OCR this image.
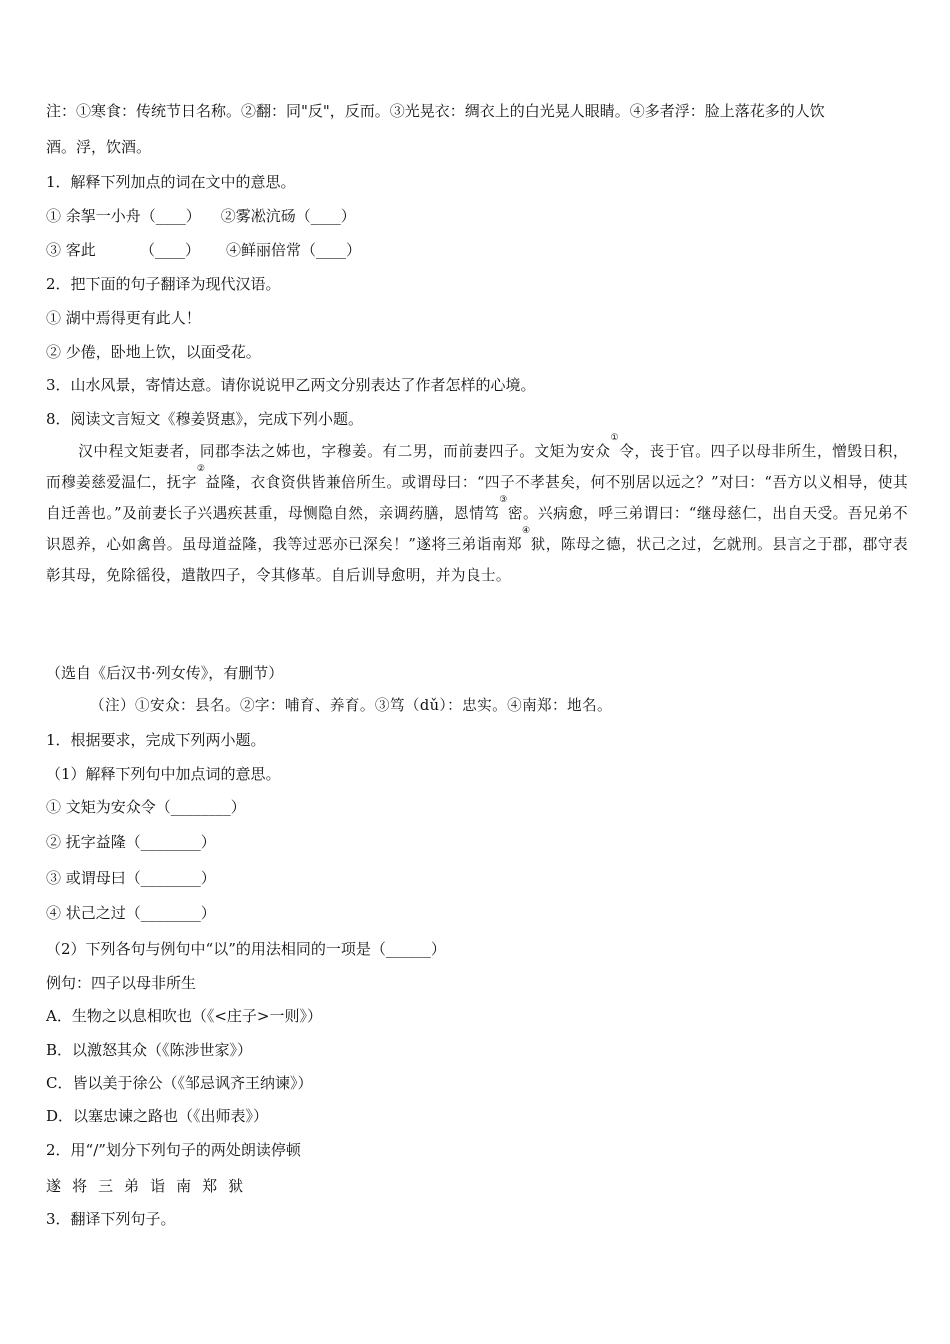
注：①寒食：传统节日名称。②翻：同"反"，反而。③光晃衣：绸衣上的白光晃人眼睛。④多者浮：脸上落花多的人饮
酒。浮，饮酒。
1．解释下列加点的词在文中的意思。
① 余挐一小舟（____） ②雾凇沆砀（____）
③ 客此	（____） ④鲜丽倍常（____）
2．把下面的句子翻译为现代汉语。
① 湖中焉得更有此人！
② 少倦，卧地上饮，以面受花。
3．山水风景，寄情达意。请你说说甲乙两文分别表达了作者怎样的心境。
8．阅读文言短文《穆姜贤惠》，完成下列小题。
汉中程文矩妻者，同郡李法之姊也，字穆姜。有二男，而前妻四子。文矩为安众①令，丧于官。四子以母非所生，憎毁日积，而穆姜慈爱温仁，抚字②益隆，衣食资供皆兼倍所生。或谓母曰：“四子不孝甚矣，何不别居以远之？”对曰：“吾方以义相导，使其自迁善也。”及前妻长子兴遇疾甚重，母恻隐自然，亲调药膳，恩情笃③密。兴病愈，呼三弟谓曰：“继母慈仁，出自天受。吾兄弟不识恩养，心如禽兽。虽母道益隆，我等过恶亦已深矣！”遂将三弟诣南郑④狱，陈母之德，状己之过，乞就刑。县言之于郡，郡守表彰其母，免除徭役，遣散四子，令其修革。自后训导愈明，并为良士。
（选自《后汉书·列女传》，有删节）
（注）①安众：县名。②字：哺育、养育。③笃（dǔ）：忠实。④南郑：地名。
1．根据要求，完成下列两小题。
（1）解释下列句中加点词的意思。
① 文矩为安众令（________）
② 抚字益隆（________）
③ 或谓母曰（________）
④ 状己之过（________）
（2）下列各句与例句中“以”的用法相同的一项是（______）
例句：四子以母非所生
A．生物之以息相吹也（《<庄子>一则》）
B．以激怒其众（《陈涉世家》）
C．皆以美于徐公（《邹忌讽齐王纳谏》）
D．以塞忠谏之路也（《出师表》）
2．用“/”划分下列句子的两处朗读停顿
遂 将 三 弟 诣 南 郑 狱
3．翻译下列句子。
